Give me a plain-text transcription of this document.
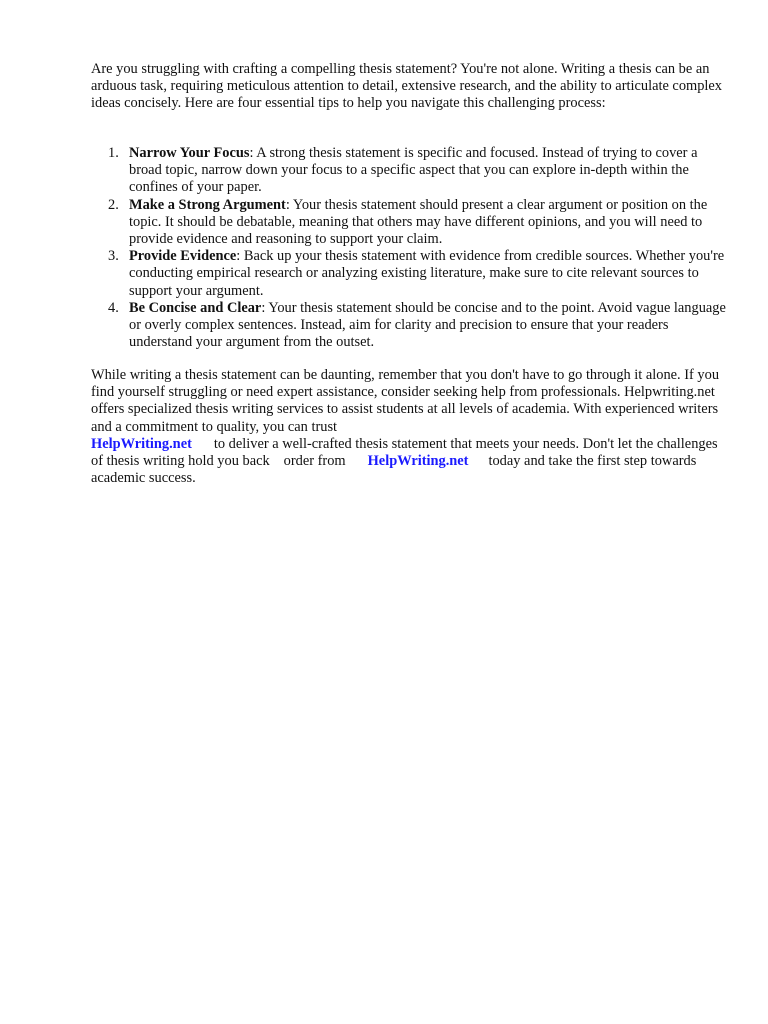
Are you struggling with crafting a compelling thesis statement? You're not alone. Writing a thesis can be an arduous task, requiring meticulous attention to detail, extensive research, and the ability to articulate complex ideas concisely. Here are four essential tips to help you navigate this challenging process:

1. Narrow Your Focus: A strong thesis statement is specific and focused. Instead of trying to cover a broad topic, narrow down your focus to a specific aspect that you can explore in-depth within the confines of your paper.
2. Make a Strong Argument: Your thesis statement should present a clear argument or position on the topic. It should be debatable, meaning that others may have different opinions, and you will need to provide evidence and reasoning to support your claim.
3. Provide Evidence: Back up your thesis statement with evidence from credible sources. Whether you're conducting empirical research or analyzing existing literature, make sure to cite relevant sources to support your argument.
4. Be Concise and Clear: Your thesis statement should be concise and to the point. Avoid vague language or overly complex sentences. Instead, aim for clarity and precision to ensure that your readers understand your argument from the outset.

While writing a thesis statement can be daunting, remember that you don't have to go through it alone. If you find yourself struggling or need expert assistance, consider seeking help from professionals. Helpwriting.net offers specialized thesis writing services to assist students at all levels of academia. With experienced writers and a commitment to quality, you can trust
HelpWriting.net to deliver a well-crafted thesis statement that meets your needs. Don't let the challenges of thesis writing hold you back order from HelpWriting.net today and take the first step towards academic success.
